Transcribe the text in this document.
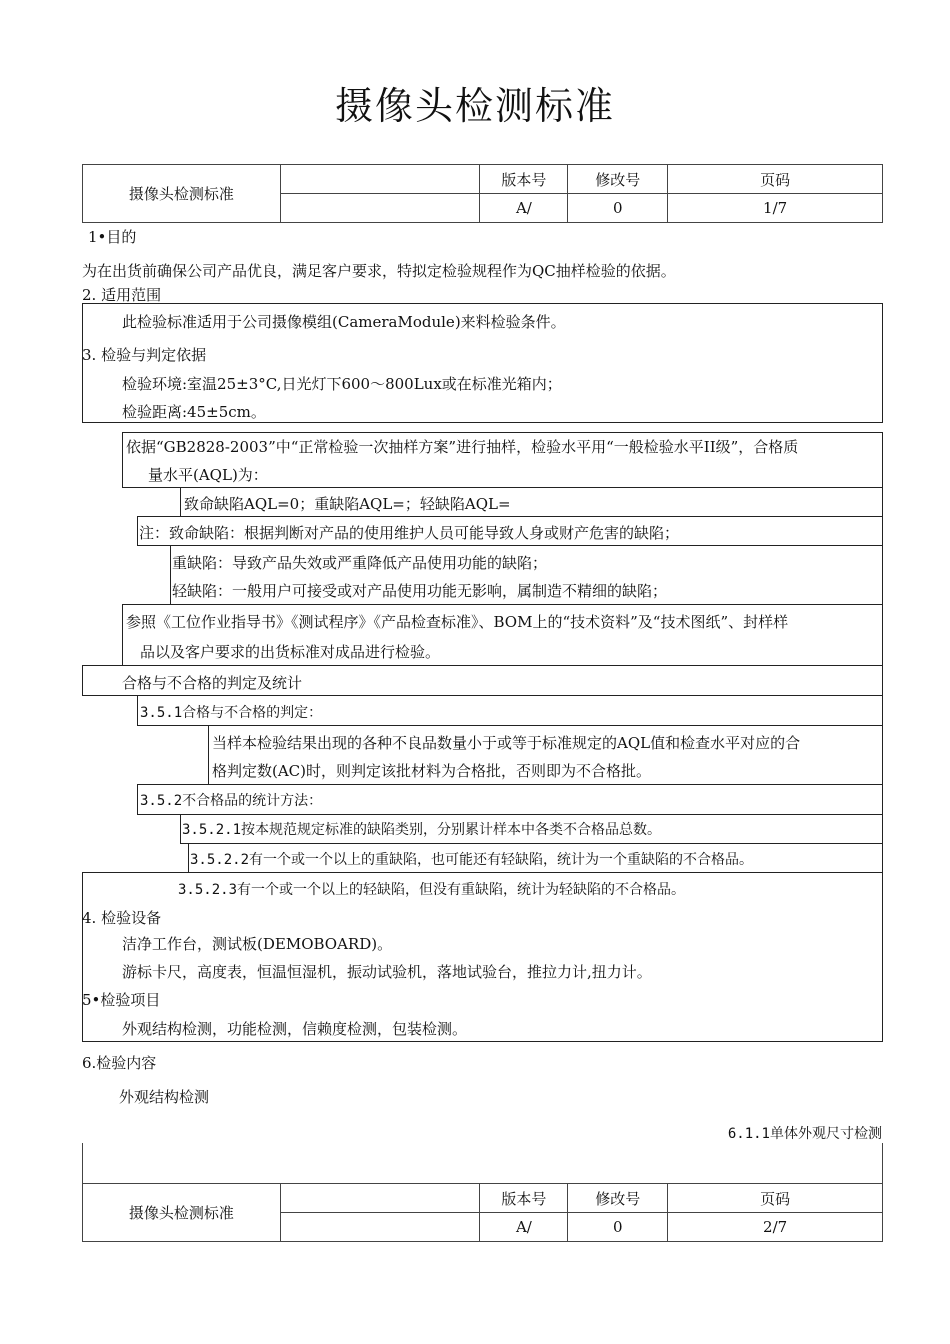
摄像头检测标准
摄像头检测标准		版本号	修改号	页码
		A/	0	1/7
1•目的
为在出货前确保公司产品优良，满足客户要求，特拟定检验规程作为QC抽样检验的依据。
2. 适用范围
此检验标准适用于公司摄像模组(CameraModule)来料检验条件。
3. 检验与判定依据
检验环境:室温25±3°C,日光灯下600〜800Lux或在标准光箱内；
检验距离:45±5cm。
依据“GB2828-2003”中“正常检验一次抽样方案”进行抽样，检验水平用“一般检验水平II级”，合格质
量水平(AQL)为：
致命缺陷AQL=0；重缺陷AQL=；轻缺陷AQL=
注：致命缺陷：根据判断对产品的使用维护人员可能导致人身或财产危害的缺陷；
重缺陷：导致产品失效或严重降低产品使用功能的缺陷；
轻缺陷：一般用户可接受或对产品使用功能无影响，属制造不精细的缺陷；
参照《工位作业指导书》《测试程序》《产品检查标准》、BOM上的“技术资料”及“技术图纸”、封样样
品以及客户要求的出货标准对成品进行检验。
合格与不合格的判定及统计
3.5.1合格与不合格的判定：
当样本检验结果出现的各种不良品数量小于或等于标准规定的AQL值和检查水平对应的合
格判定数(AC)时，则判定该批材料为合格批，否则即为不合格批。
3.5.2不合格品的统计方法：
3.5.2.1按本规范规定标准的缺陷类别，分别累计样本中各类不合格品总数。
3.5.2.2有一个或一个以上的重缺陷，也可能还有轻缺陷，统计为一个重缺陷的不合格品。
3.5.2.3有一个或一个以上的轻缺陷，但没有重缺陷，统计为轻缺陷的不合格品。
4. 检验设备
洁净工作台，测试板(DEMOBOARD)。
游标卡尺，高度表，恒温恒湿机，振动试验机，落地试验台，推拉力计,扭力计。
5•检验项目
外观结构检测，功能检测，信赖度检测，包装检测。
6.检验内容
外观结构检测
6.1.1单体外观尺寸检测
摄像头检测标准		版本号	修改号	页码
		A/	0	2/7
